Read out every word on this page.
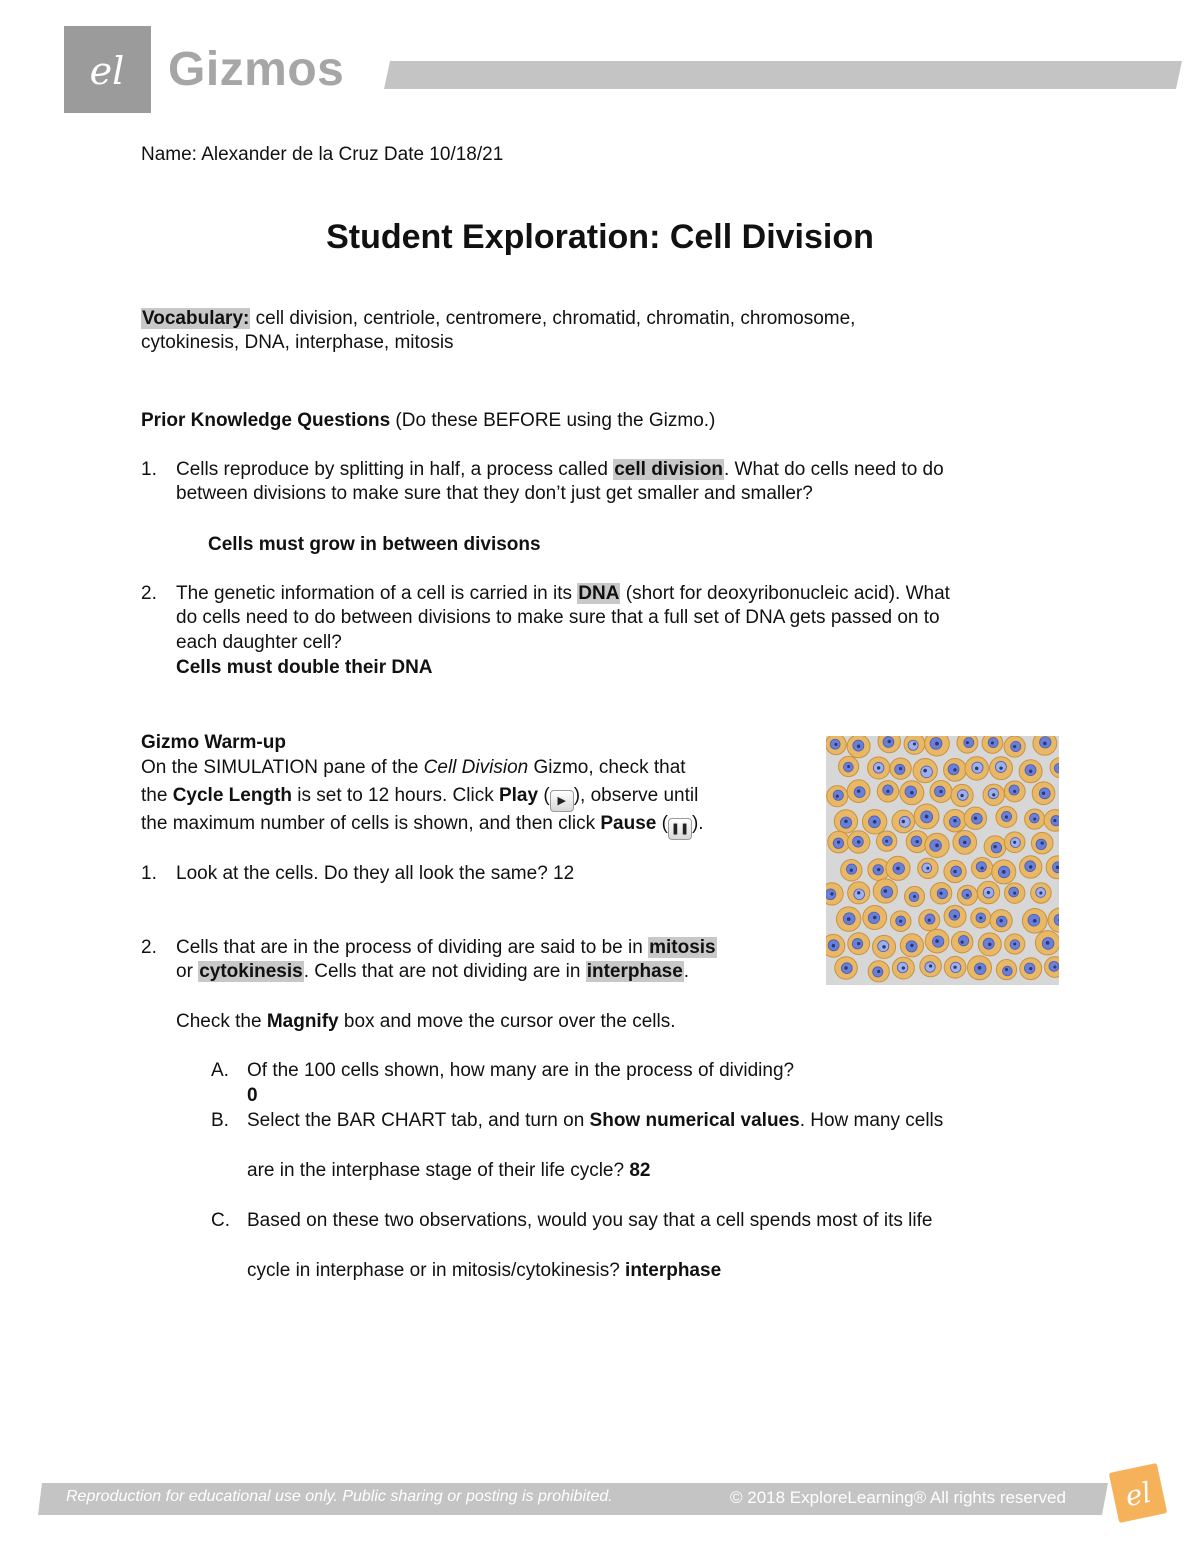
el Gizmos
Name: Alexander de la Cruz Date 10/18/21
Student Exploration: Cell Division
Vocabulary: cell division, centriole, centromere, chromatid, chromatin, chromosome,
cytokinesis, DNA, interphase, mitosis
Prior Knowledge Questions (Do these BEFORE using the Gizmo.)
1. Cells reproduce by splitting in half, a process called cell division. What do cells need to do
between divisions to make sure that they don’t just get smaller and smaller?
Cells must grow in between divisons
2. The genetic information of a cell is carried in its DNA (short for deoxyribonucleic acid). What
do cells need to do between divisions to make sure that a full set of DNA gets passed on to
each daughter cell?
Cells must double their DNA
Gizmo Warm-up
On the SIMULATION pane of the Cell Division Gizmo, check that
the Cycle Length is set to 12 hours. Click Play ( ▶ ), observe until
the maximum number of cells is shown, and then click Pause ( ❚❚ ).
1. Look at the cells. Do they all look the same? 12
2. Cells that are in the process of dividing are said to be in mitosis
or cytokinesis. Cells that are not dividing are in interphase.
Check the Magnify box and move the cursor over the cells.
A. Of the 100 cells shown, how many are in the process of dividing?
0
B. Select the BAR CHART tab, and turn on Show numerical values. How many cells
are in the interphase stage of their life cycle? 82
C. Based on these two observations, would you say that a cell spends most of its life
cycle in interphase or in mitosis/cytokinesis? interphase
Reproduction for educational use only. Public sharing or posting is prohibited.	© 2018 ExploreLearning® All rights reserved el
